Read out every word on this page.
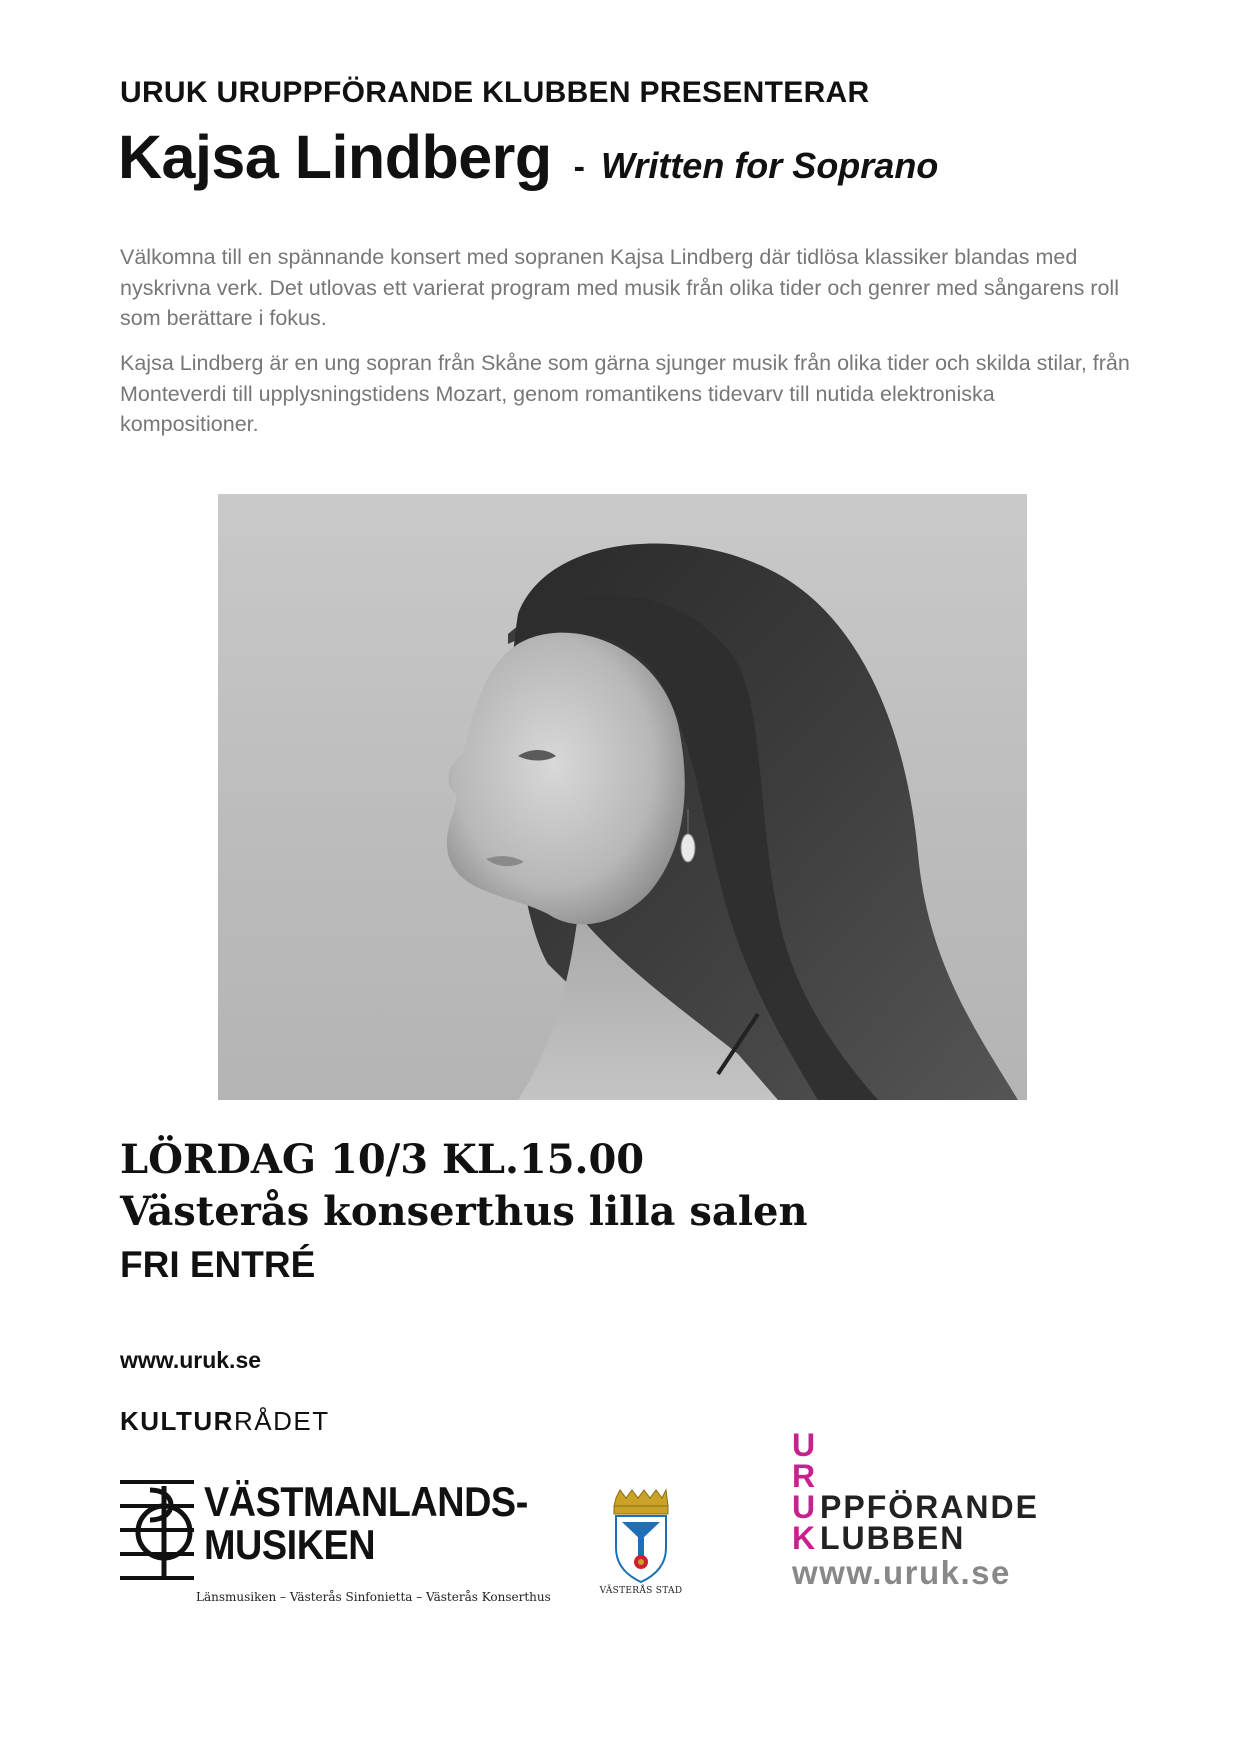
URUK URUPPFÖRANDE KLUBBEN PRESENTERAR
Kajsa Lindberg - Written for Soprano

Välkomna till en spännande konsert med sopranen Kajsa Lindberg där tidlösa klassiker blandas med nyskrivna verk. Det utlovas ett varierat program med musik från olika tider och genrer med sångarens roll som berättare i fokus.

Kajsa Lindberg är en ung sopran från Skåne som gärna sjunger musik från olika tider och skilda stilar, från Monteverdi till upplysningstidens Mozart, genom romantikens tidevarv till nutida elektroniska kompositioner.

LÖRDAG 10/3 KL.15.00
Västerås konserthus lilla salen
FRI ENTRÉ
www.uruk.se
KULTURRÅDET
VÄSTMANLANDS-
MUSIKEN
Länsmusiken – Västerås Sinfonietta – Västerås Konserthus	VÄSTERÅS STAD
U
R
U
K
PPFÖRANDE
LUBBEN
www.uruk.se
